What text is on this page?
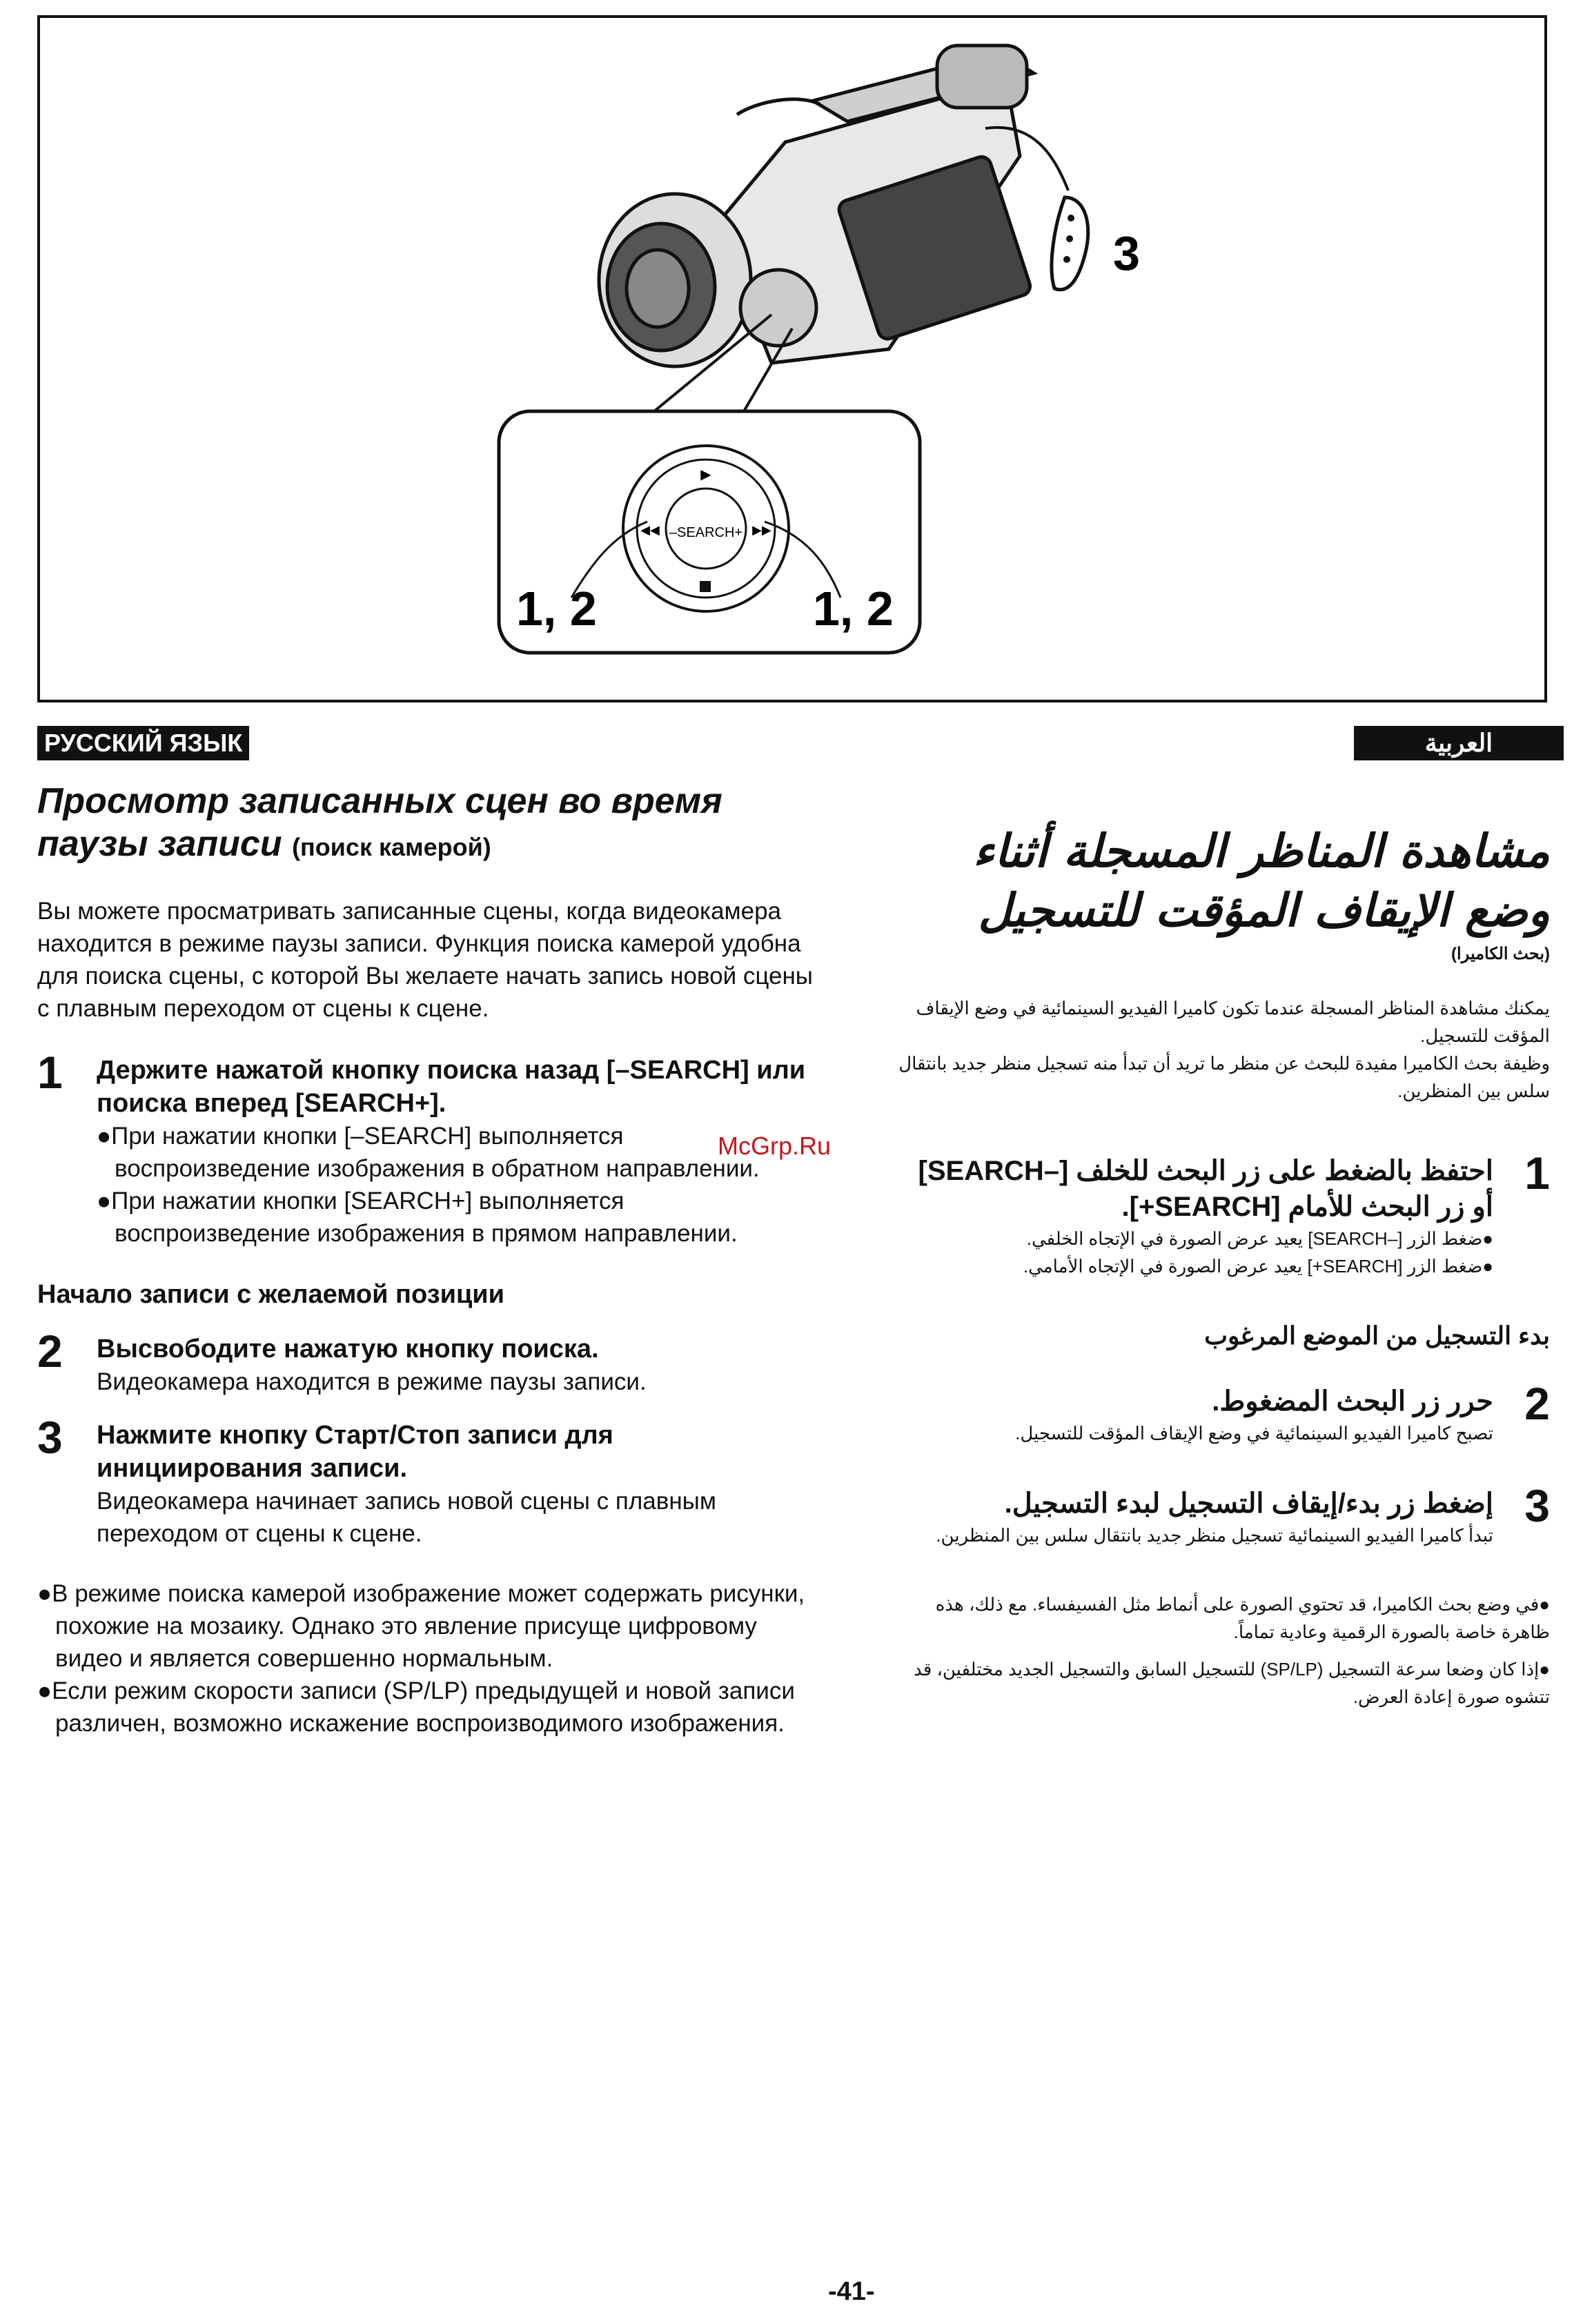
3
–SEARCH+
▶
◀◀	▶▶
1, 2	1, 2
РУССКИЙ ЯЗЫК	العربية
Просмотр записанных сцен во время паузы записи (поиск камерой)

Вы можете просматривать записанные сцены, когда видеокамера находится в режиме паузы записи. Функция поиска камерой удобна для поиска сцены, с которой Вы желаете начать запись новой сцены с плавным переходом от сцены к сцене.

1 Держите нажатой кнопку поиска назад [–SEARCH] или поиска вперед [SEARCH+].

●При нажатии кнопки [–SEARCH] выполняется воспроизведение изображения в обратном направлении.

●При нажатии кнопки [SEARCH+] выполняется воспроизведение изображения в прямом направлении.

Начало записи с желаемой позиции

2 Высвободите нажатую кнопку поиска.

Видеокамера находится в режиме паузы записи.

3 Нажмите кнопку Старт/Стоп записи для инициирования записи.

Видеокамера начинает запись новой сцены с плавным переходом от сцены к сцене.

●В режиме поиска камерой изображение может содержать рисунки, похожие на мозаику. Однако это явление присуще цифровому видео и является совершенно нормальным.

●Если режим скорости записи (SP/LP) предыдущей и новой записи различен, возможно искажение воспроизводимого изображения.

مشاهدة المناظر المسجلة أثناء وضع الإيقاف المؤقت للتسجيل

(بحث الكاميرا)

يمكنك مشاهدة المناظر المسجلة عندما تكون كاميرا الفيديو السينمائية في وضع الإيقاف المؤقت للتسجيل.

وظيفة بحث الكاميرا مفيدة للبحث عن منظر ما تريد أن تبدأ منه تسجيل منظر جديد بانتقال سلس بين المنظرين.

1

احتفظ بالضغط على زر البحث للخلف [–SEARCH] أو زر البحث للأمام [SEARCH+].

●ضغط الزر [–SEARCH] يعيد عرض الصورة في الإتجاه الخلفي.

●ضغط الزر [SEARCH+] يعيد عرض الصورة في الإتجاه الأمامي.

بدء التسجيل من الموضع المرغوب

2

حرر زر البحث المضغوط.

تصبح كاميرا الفيديو السينمائية في وضع الإيقاف المؤقت للتسجيل.

3

إضغط زر بدء/إيقاف التسجيل لبدء التسجيل.

تبدأ كاميرا الفيديو السينمائية تسجيل منظر جديد بانتقال سلس بين المنظرين.

●في وضع بحث الكاميرا، قد تحتوي الصورة على أنماط مثل الفسيفساء. مع ذلك، هذه ظاهرة خاصة بالصورة الرقمية وعادية تماماً.

●إذا كان وضعا سرعة التسجيل (SP/LP) للتسجيل السابق والتسجيل الجديد مختلفين، قد تتشوه صورة إعادة العرض.

McGrp.Ru
-41-
